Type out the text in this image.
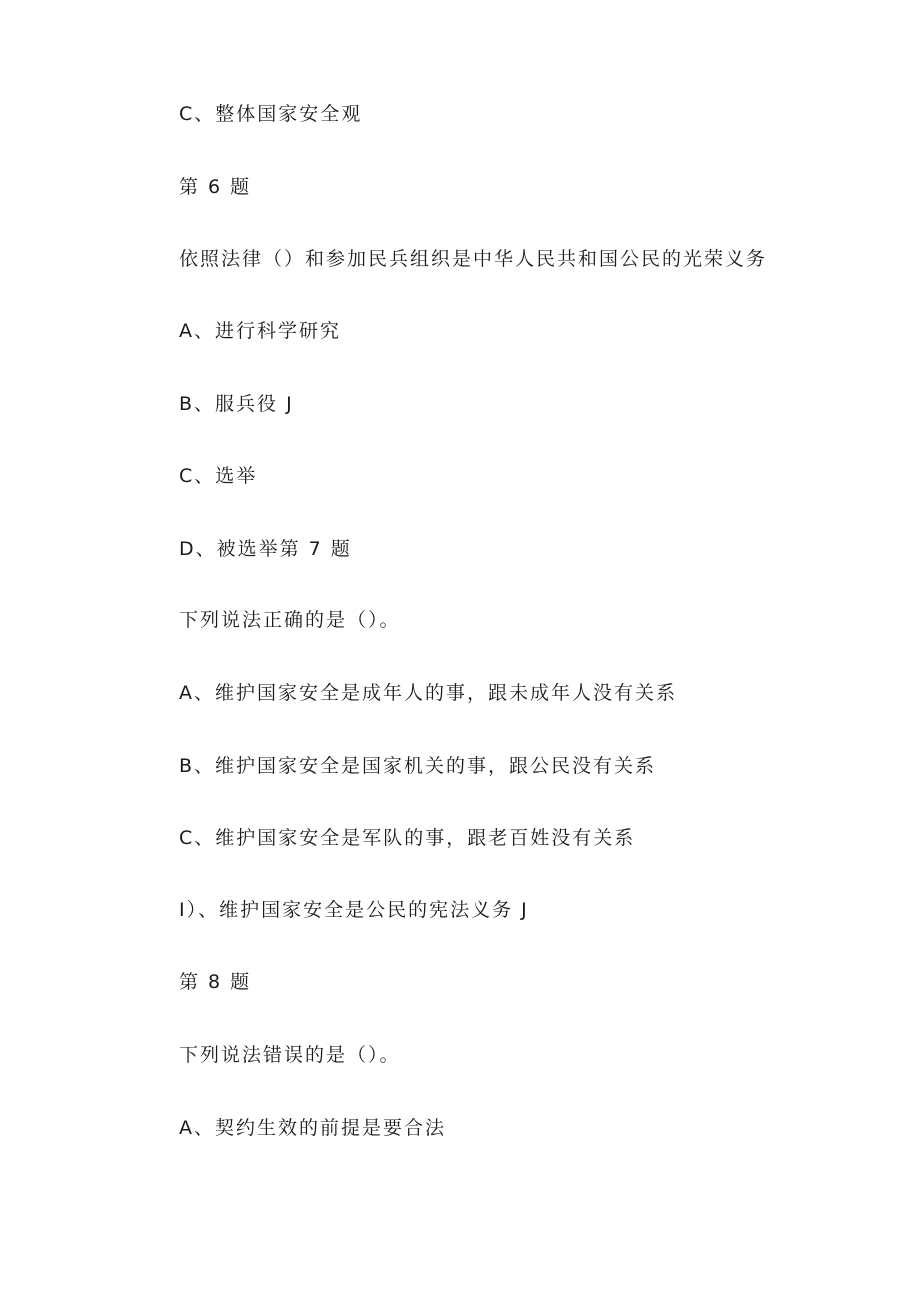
C、整体国家安全观

第 6 题

依照法律（）和参加民兵组织是中华人民共和国公民的光荣义务

A、进行科学研究

B、服兵役 J

C、选举

D、被选举第 7 题

下列说法正确的是（）。

A、维护国家安全是成年人的事，跟未成年人没有关系

B、维护国家安全是国家机关的事，跟公民没有关系

C、维护国家安全是军队的事，跟老百姓没有关系

I）、维护国家安全是公民的宪法义务 J

第 8 题

下列说法错误的是（）。

A、契约生效的前提是要合法
